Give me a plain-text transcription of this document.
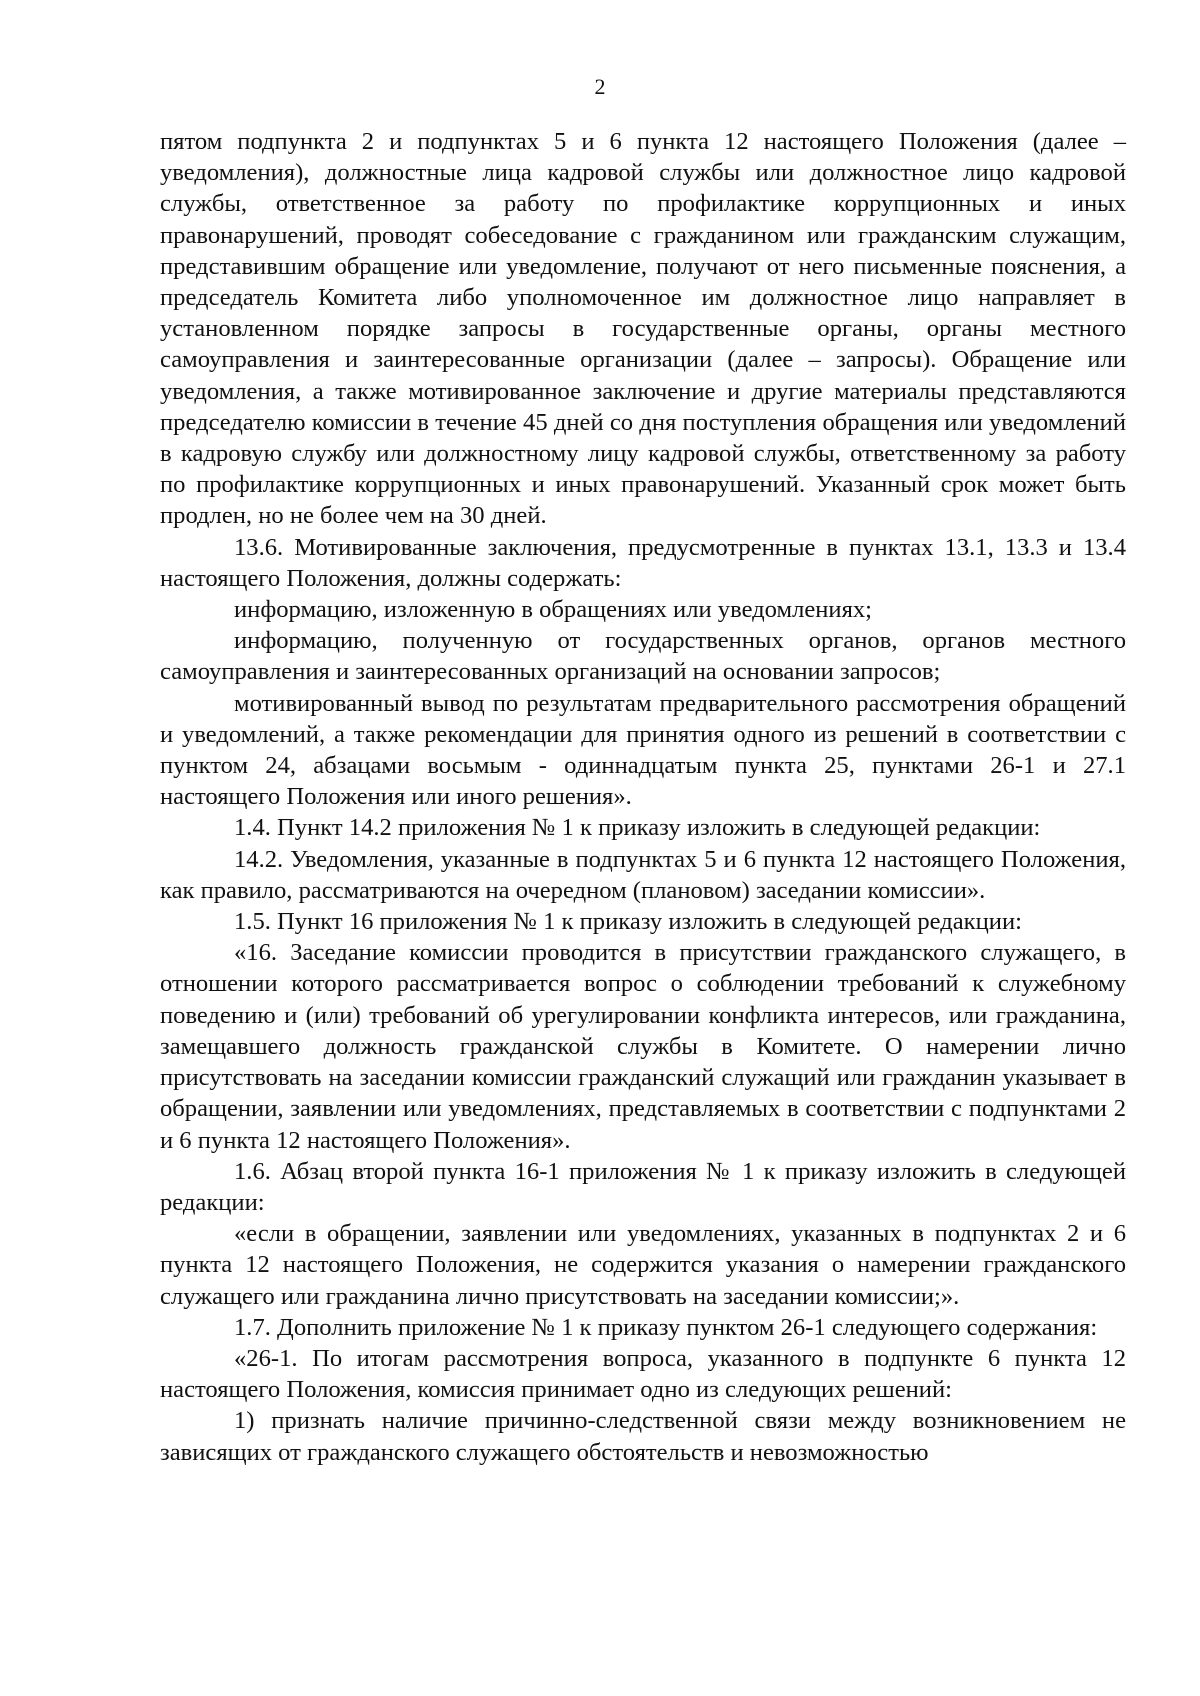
2

пятом подпункта 2 и подпунктах 5 и 6 пункта 12 настоящего Положения (далее – уведомления), должностные лица кадровой службы или должностное лицо кадровой службы, ответственное за работу по профилактике коррупционных и иных правонарушений, проводят собеседование с гражданином или гражданским служащим, представившим обращение или уведомление, получают от него письменные пояснения, а председатель Комитета либо уполномоченное им должностное лицо направляет в установленном порядке запросы в государственные органы, органы местного самоуправления и заинтересованные организации (далее – запросы). Обращение или уведомления, а также мотивированное заключение и другие материалы представляются председателю комиссии в течение 45 дней со дня поступления обращения или уведомлений в кадровую службу или должностному лицу кадровой службы, ответственному за работу по профилактике коррупционных и иных правонарушений. Указанный срок может быть продлен, но не более чем на 30 дней.

13.6. Мотивированные заключения, предусмотренные в пунктах 13.1, 13.3 и 13.4 настоящего Положения, должны содержать:

информацию, изложенную в обращениях или уведомлениях;

информацию, полученную от государственных органов, органов местного самоуправления и заинтересованных организаций на основании запросов;

мотивированный вывод по результатам предварительного рассмотрения обращений и уведомлений, а также рекомендации для принятия одного из решений в соответствии с пунктом 24, абзацами восьмым - одиннадцатым пункта 25, пунктами 26-1 и 27.1 настоящего Положения или иного решения».

1.4. Пункт 14.2 приложения № 1 к приказу изложить в следующей редакции:

14.2. Уведомления, указанные в подпунктах 5 и 6 пункта 12 настоящего Положения, как правило, рассматриваются на очередном (плановом) заседании комиссии».

1.5. Пункт 16 приложения № 1 к приказу изложить в следующей редакции:

«16. Заседание комиссии проводится в присутствии гражданского служащего, в отношении которого рассматривается вопрос о соблюдении требований к служебному поведению и (или) требований об урегулировании конфликта интересов, или гражданина, замещавшего должность гражданской службы в Комитете. О намерении лично присутствовать на заседании комиссии гражданский служащий или гражданин указывает в обращении, заявлении или уведомлениях, представляемых в соответствии с подпунктами 2 и 6 пункта 12 настоящего Положения».

1.6. Абзац второй пункта 16-1 приложения № 1 к приказу изложить в следующей редакции:

«если в обращении, заявлении или уведомлениях, указанных в подпунктах 2 и 6 пункта 12 настоящего Положения, не содержится указания о намерении гражданского служащего или гражданина лично присутствовать на заседании комиссии;».

1.7. Дополнить приложение № 1 к приказу пунктом 26-1 следующего содержания:

«26-1. По итогам рассмотрения вопроса, указанного в подпункте 6 пункта 12 настоящего Положения, комиссия принимает одно из следующих решений:

1) признать наличие причинно-следственной связи между возникновением не зависящих от гражданского служащего обстоятельств и невозможностью
